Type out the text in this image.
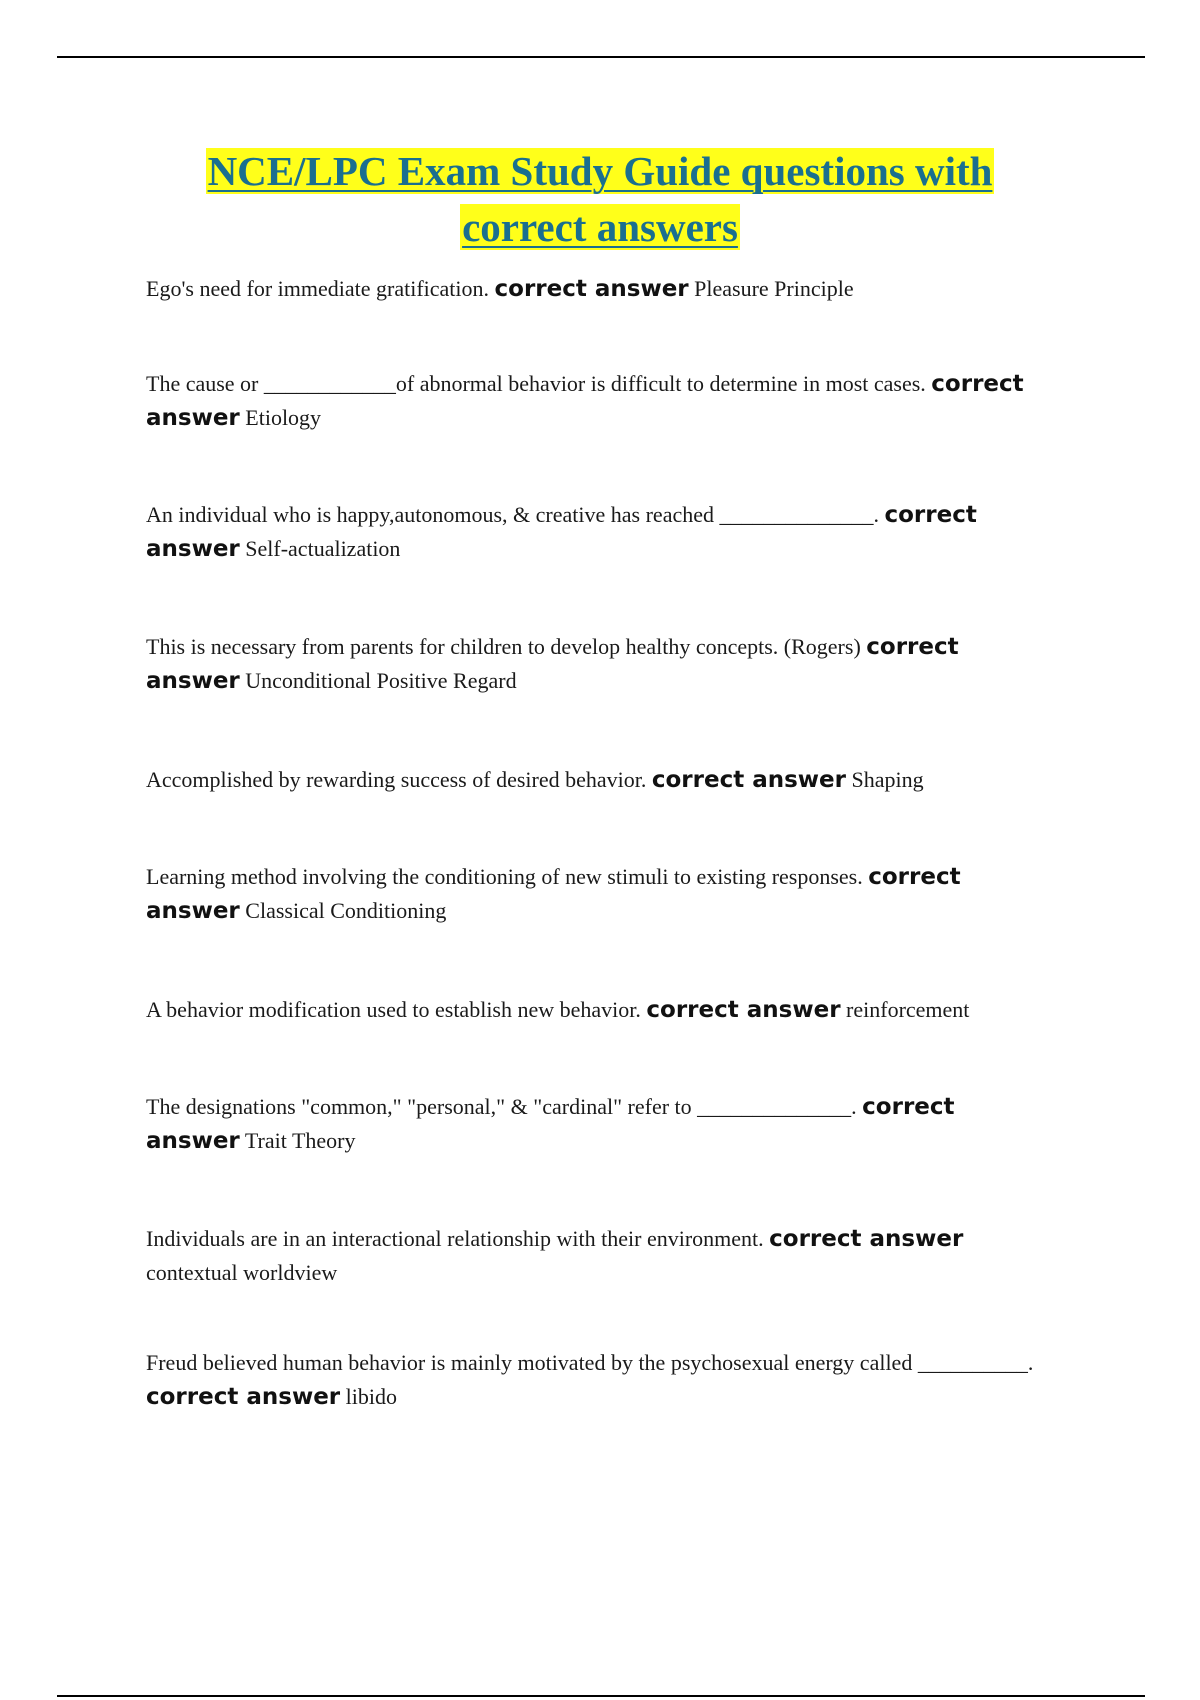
NCE/LPC Exam Study Guide questions with
correct answers

Ego's need for immediate gratification. correct answer Pleasure Principle

The cause or ____________of abnormal behavior is difficult to determine in most cases. correct answer Etiology

An individual who is happy,autonomous, & creative has reached ______________. correct answer Self-actualization

This is necessary from parents for children to develop healthy concepts. (Rogers) correct answer Unconditional Positive Regard

Accomplished by rewarding success of desired behavior. correct answer Shaping

Learning method involving the conditioning of new stimuli to existing responses. correct answer Classical Conditioning

A behavior modification used to establish new behavior. correct answer reinforcement

The designations "common," "personal," & "cardinal" refer to ______________. correct answer Trait Theory

Individuals are in an interactional relationship with their environment. correct answer contextual worldview

Freud believed human behavior is mainly motivated by the psychosexual energy called __________. correct answer libido
